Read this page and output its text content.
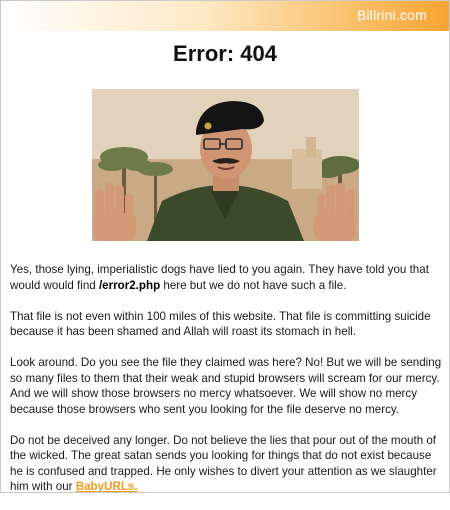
Billrini.com
Error: 404

Yes, those lying, imperialistic dogs have lied to you again. They have told you that would would find /error2.php here but we do not have such a file.

That file is not even within 100 miles of this website. That file is committing suicide because it has been shamed and Allah will roast its stomach in hell.

Look around. Do you see the file they claimed was here? No! But we will be sending so many files to them that their weak and stupid browsers will scream for our mercy. And we will show those browsers no mercy whatsoever. We will show no mercy because those browsers who sent you looking for the file deserve no mercy.

Do not be deceived any longer. Do not believe the lies that pour out of the mouth of the wicked. The great satan sends you looking for things that do not exist because he is confused and trapped. He only wishes to divert your attention as we slaughter him with our BabyURLs.
